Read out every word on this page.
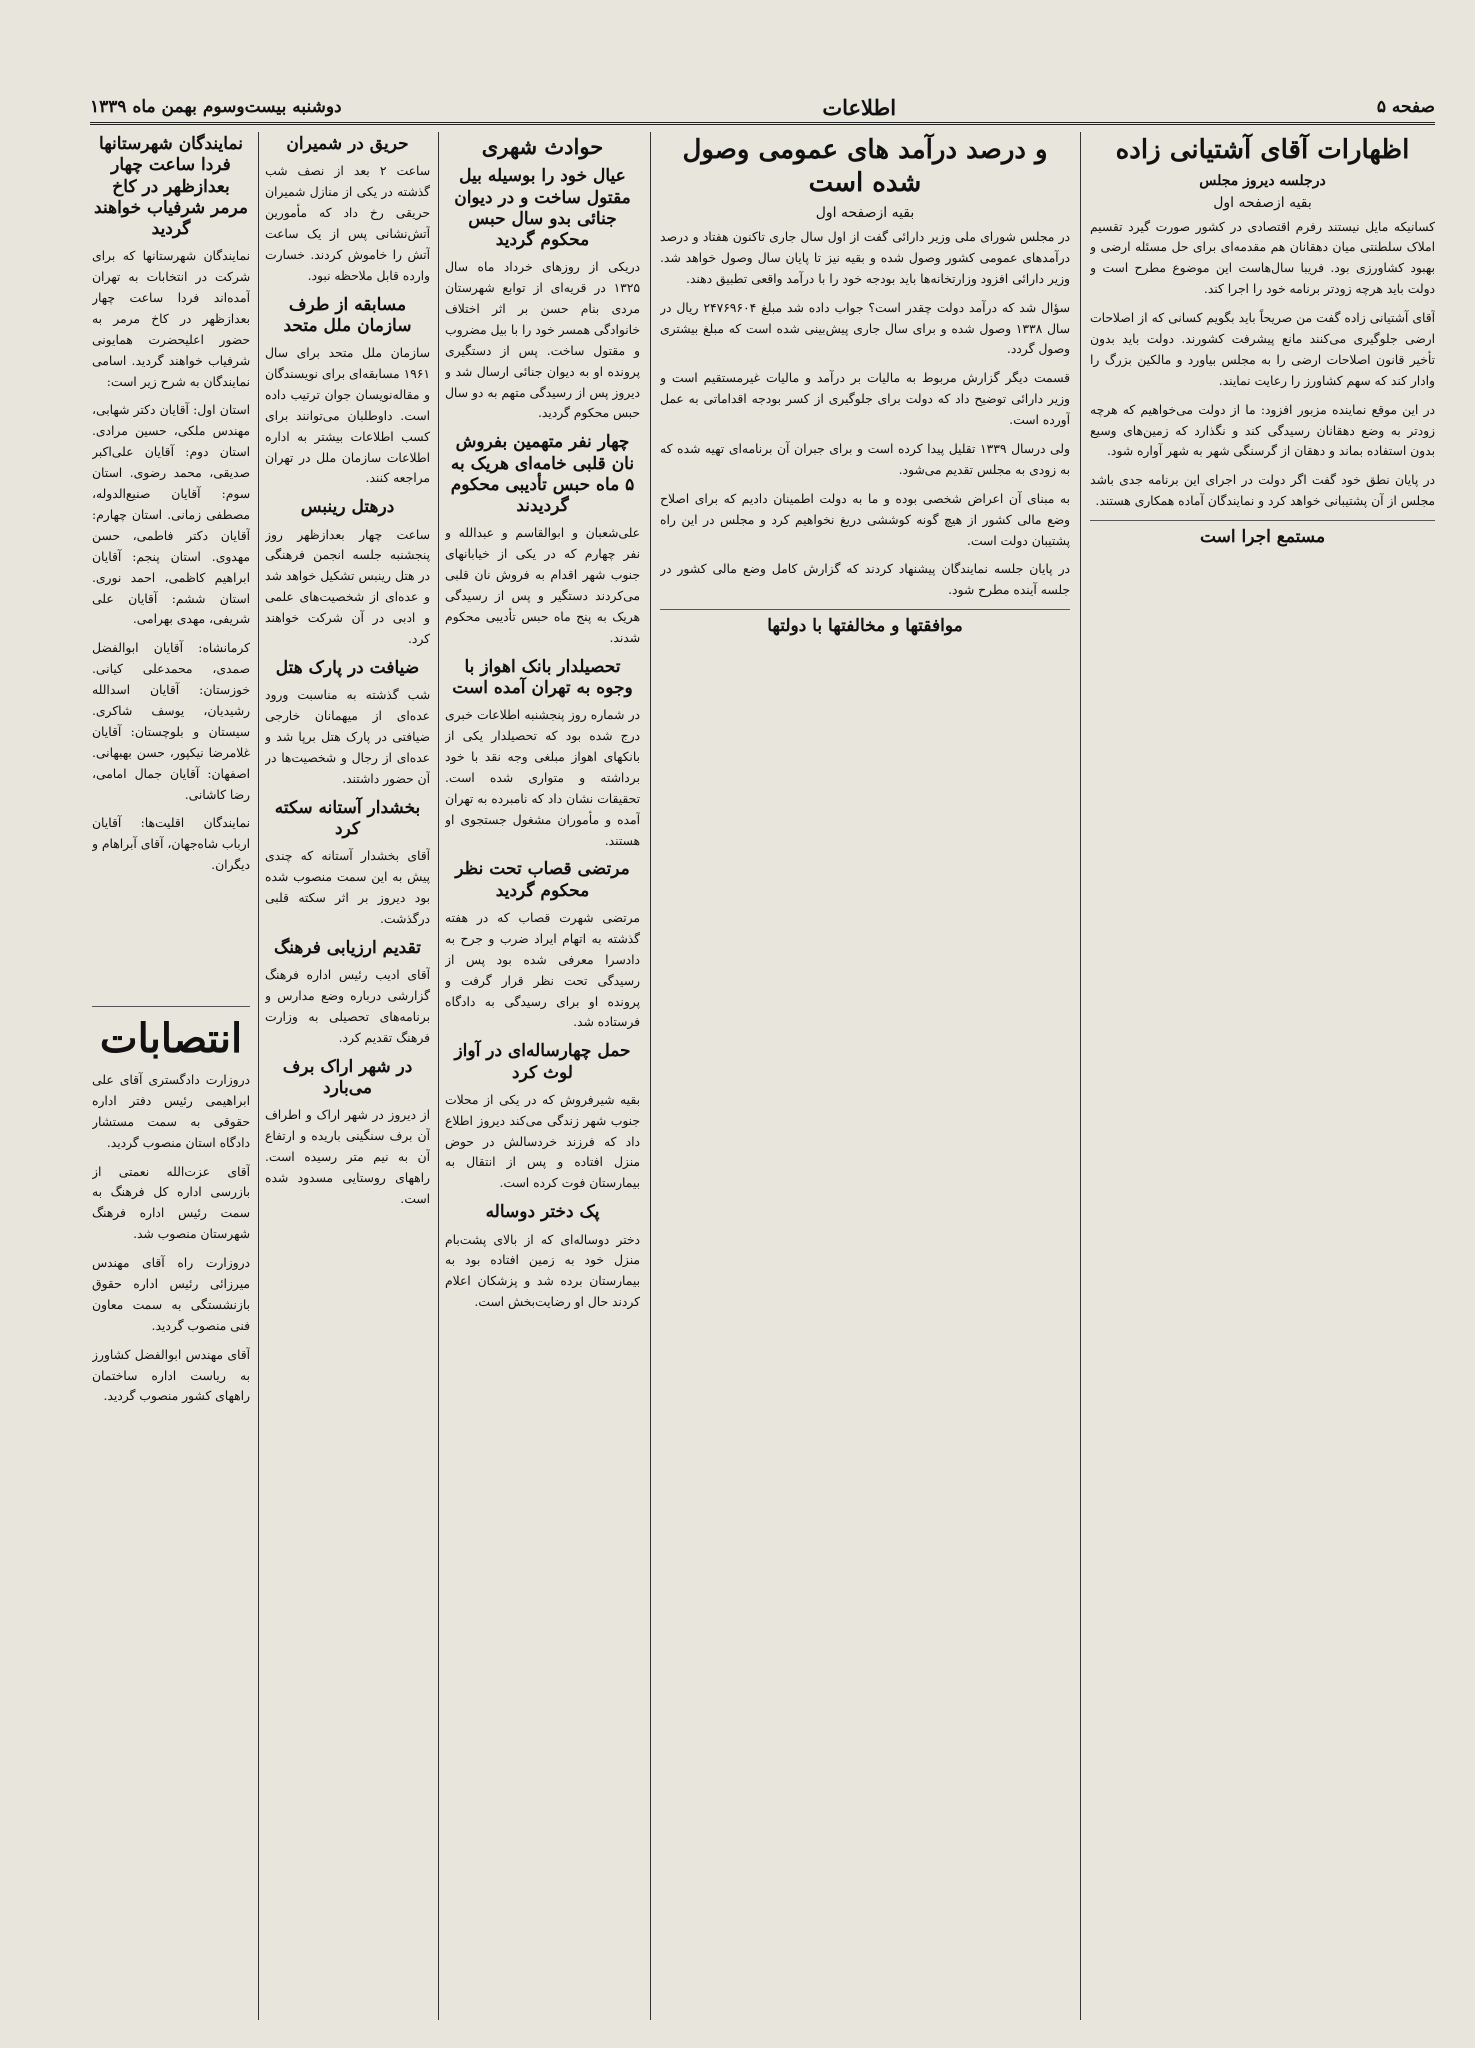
صفحه ۵
اطلاعات
دوشنبه بیست‌وسوم بهمن ماه ۱۳۳۹
اظهارات آقای آشتیانی زاده
درجلسه دیروز مجلس
بقیه ازصفحه اول

کسانیکه مایل نیستند رفرم اقتصادی در کشور صورت گیرد تقسیم املاک سلطنتی میان دهقانان هم مقدمه‌ای برای حل مسئله ارضی و بهبود کشاورزی بود. فریبا سال‌هاست این موضوع مطرح است و دولت باید هرچه زودتر برنامه خود را اجرا کند.

آقای آشتیانی زاده گفت من صریحاً باید بگویم کسانی که از اصلاحات ارضی جلوگیری می‌کنند مانع پیشرفت کشورند. دولت باید بدون تأخیر قانون اصلاحات ارضی را به مجلس بیاورد و مالکین بزرگ را وادار کند که سهم کشاورز را رعایت نمایند.

در این موقع نماینده مزبور افزود: ما از دولت می‌خواهیم که هرچه زودتر به وضع دهقانان رسیدگی کند و نگذارد که زمین‌های وسیع بدون استفاده بماند و دهقان از گرسنگی شهر به شهر آواره شود.

در پایان نطق خود گفت اگر دولت در اجرای این برنامه جدی باشد مجلس از آن پشتیبانی خواهد کرد و نمایندگان آماده همکاری هستند.

مستمع اجرا است
و درصد درآمد های عمومی وصول شده است
بقیه ازصفحه اول

در مجلس شورای ملی وزیر دارائی گفت از اول سال جاری تاکنون هفتاد و درصد درآمدهای عمومی کشور وصول شده و بقیه نیز تا پایان سال وصول خواهد شد. وزیر دارائی افزود وزارتخانه‌ها باید بودجه خود را با درآمد واقعی تطبیق دهند.

سؤال شد که درآمد دولت چقدر است؟ جواب داده شد مبلغ ۲۴۷۶۹۶۰۴ ریال در سال ۱۳۳۸ وصول شده و برای سال جاری پیش‌بینی شده است که مبلغ بیشتری وصول گردد.

قسمت دیگر گزارش مربوط به مالیات بر درآمد و مالیات غیرمستقیم است و وزیر دارائی توضیح داد که دولت برای جلوگیری از کسر بودجه اقداماتی به عمل آورده است.

ولی درسال ۱۳۳۹ تقلیل پیدا کرده است و برای جبران آن برنامه‌ای تهیه شده که به زودی به مجلس تقدیم می‌شود.

به مبنای آن اعراض شخصی بوده و ما به دولت اطمینان دادیم که برای اصلاح وضع مالی کشور از هیچ گونه کوششی دریغ نخواهیم کرد و مجلس در این راه پشتیبان دولت است.

در پایان جلسه نمایندگان پیشنهاد کردند که گزارش کامل وضع مالی کشور در جلسه آینده مطرح شود.

موافقتها و مخالفتها با دولتها
حوادث شهری
عیال خود را بوسیله بیل مقتول ساخت و در دیوان جنائی بدو سال حبس محکوم گردید

دریکی از روزهای خرداد ماه سال ۱۳۲۵ در قریه‌ای از توابع شهرستان مردی بنام حسن بر اثر اختلاف خانوادگی همسر خود را با بیل مضروب و مقتول ساخت. پس از دستگیری پرونده او به دیوان جنائی ارسال شد و دیروز پس از رسیدگی متهم به دو سال حبس محکوم گردید.

چهار نفر متهمین بفروش نان قلبی خامه‌ای هریک به ۵ ماه حبس تأدیبی محکوم گردیدند

علی‌شعبان و ابوالقاسم و عبدالله و نفر چهارم که در یکی از خیابانهای جنوب شهر اقدام به فروش نان قلبی می‌کردند دستگیر و پس از رسیدگی هریک به پنج ماه حبس تأدیبی محکوم شدند.

تحصیلدار بانک اهواز با وجوه به تهران آمده است

در شماره روز پنجشنبه اطلاعات خبری درج شده بود که تحصیلدار یکی از بانکهای اهواز مبلغی وجه نقد با خود برداشته و متواری شده است. تحقیقات نشان داد که نامبرده به تهران آمده و مأموران مشغول جستجوی او هستند.

مرتضی قصاب تحت نظر محکوم گردید

مرتضی شهرت قصاب که در هفته گذشته به اتهام ایراد ضرب و جرح به دادسرا معرفی شده بود پس از رسیدگی تحت نظر قرار گرفت و پرونده او برای رسیدگی به دادگاه فرستاده شد.

حمل چهارساله‌ای در آواز لوث کرد

بقیه شیرفروش که در یکی از محلات جنوب شهر زندگی می‌کند دیروز اطلاع داد که فرزند خردسالش در حوض منزل افتاده و پس از انتقال به بیمارستان فوت کرده است.

پک دختر دوساله

دختر دوساله‌ای که از بالای پشت‌بام منزل خود به زمین افتاده بود به بیمارستان برده شد و پزشکان اعلام کردند حال او رضایت‌بخش است.

حریق در شمیران

ساعت ۲ بعد از نصف شب گذشته در یکی از منازل شمیران حریقی رخ داد که مأمورین آتش‌نشانی پس از یک ساعت آتش را خاموش کردند. خسارت وارده قابل ملاحظه نبود.

مسابقه از طرف سازمان ملل متحد

سازمان ملل متحد برای سال ۱۹۶۱ مسابقه‌ای برای نویسندگان و مقاله‌نویسان جوان ترتیب داده است. داوطلبان می‌توانند برای کسب اطلاعات بیشتر به اداره اطلاعات سازمان ملل در تهران مراجعه کنند.

درهتل رینبس

ساعت چهار بعدازظهر روز پنجشنبه جلسه انجمن فرهنگی در هتل رینبس تشکیل خواهد شد و عده‌ای از شخصیت‌های علمی و ادبی در آن شرکت خواهند کرد.

ضیافت در پارک هتل

شب گذشته به مناسبت ورود عده‌ای از میهمانان خارجی ضیافتی در پارک هتل برپا شد و عده‌ای از رجال و شخصیت‌ها در آن حضور داشتند.

بخشدار آستانه سکته کرد

آقای بخشدار آستانه که چندی پیش به این سمت منصوب شده بود دیروز بر اثر سکته قلبی درگذشت.

تقدیم ارزیابی فرهنگ

آقای ادیب رئیس اداره فرهنگ گزارشی درباره وضع مدارس و برنامه‌های تحصیلی به وزارت فرهنگ تقدیم کرد.

در شهر اراک برف می‌بارد

از دیروز در شهر اراک و اطراف آن برف سنگینی باریده و ارتفاع آن به نیم متر رسیده است. راههای روستایی مسدود شده است.

نمایندگان شهرستانها فردا ساعت چهار بعدازظهر در کاخ مرمر شرفیاب خواهند گردید

نمایندگان شهرستانها که برای شرکت در انتخابات به تهران آمده‌اند فردا ساعت چهار بعدازظهر در کاخ مرمر به حضور اعلیحضرت همایونی شرفیاب خواهند گردید. اسامی نمایندگان به شرح زیر است:

استان اول: آقایان دکتر شهابی، مهندس ملکی، حسین مرادی. استان دوم: آقایان علی‌اکبر صدیقی، محمد رضوی. استان سوم: آقایان صنیع‌الدوله، مصطفی زمانی. استان چهارم: آقایان دکتر فاطمی، حسن مهدوی. استان پنجم: آقایان ابراهیم کاظمی، احمد نوری. استان ششم: آقایان علی شریفی، مهدی بهرامی.

کرمانشاه: آقایان ابوالفضل صمدی، محمدعلی کیانی. خوزستان: آقایان اسدالله رشیدیان، یوسف شاکری. سیستان و بلوچستان: آقایان غلامرضا نیکپور، حسن بهبهانی. اصفهان: آقایان جمال امامی، رضا کاشانی.

نمایندگان اقلیت‌ها: آقایان ارباب شاه‌جهان، آقای آبراهام و دیگران.

انتصابات

دروزارت دادگستری آقای علی ابراهیمی رئیس دفتر اداره حقوقی به سمت مستشار دادگاه استان منصوب گردید.

آقای عزت‌الله نعمتی از بازرسی اداره کل فرهنگ به سمت رئیس اداره فرهنگ شهرستان منصوب شد.

دروزارت راه آقای مهندس میرزائی رئیس اداره حقوق بازنشستگی به سمت معاون فنی منصوب گردید.

آقای مهندس ابوالفضل کشاورز به ریاست اداره ساختمان راههای کشور منصوب گردید.
